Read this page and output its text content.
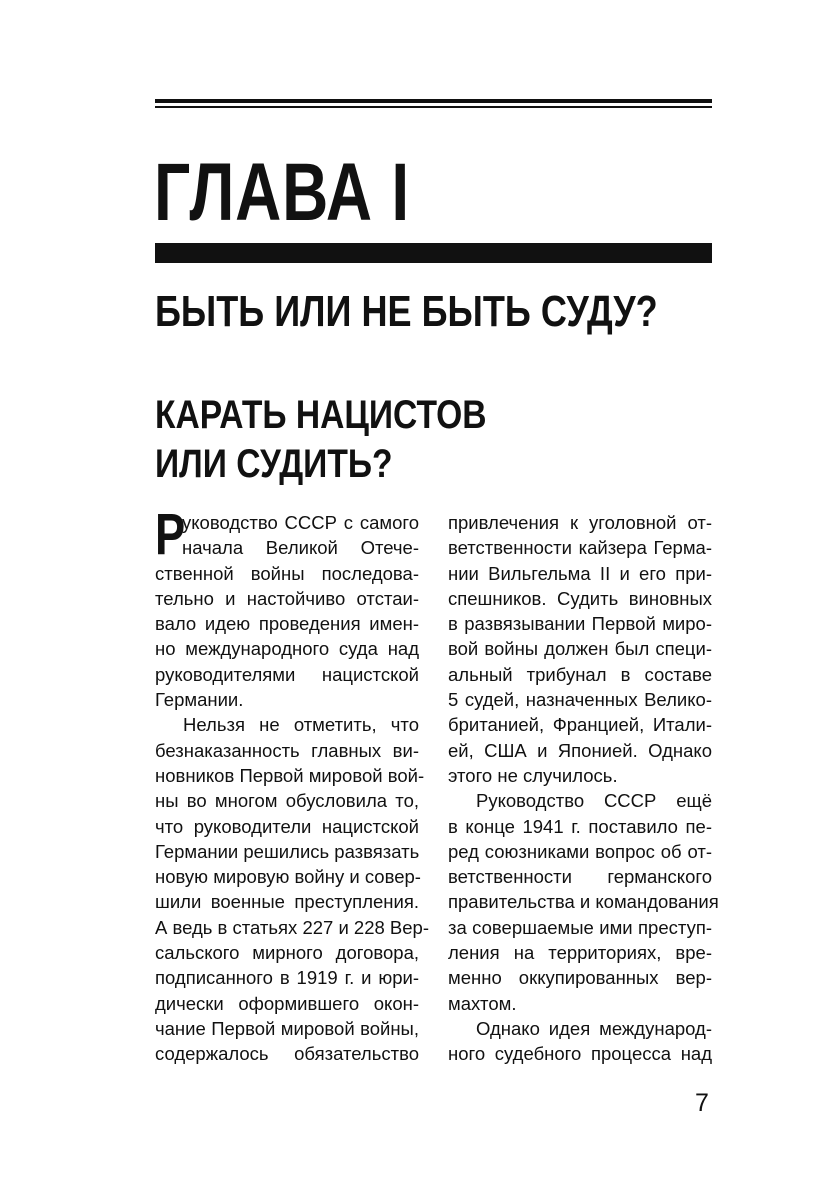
ГЛАВА I
БЫТЬ ИЛИ НЕ БЫТЬ СУДУ?
КАРАТЬ НАЦИСТОВ
ИЛИ СУДИТЬ?
Р
уководство СССР с самого
начала Великой Отече-
ственной войны последова-
тельно и настойчиво отстаи-
вало идею проведения имен-
но международного суда над
руководителями нацистской
Германии.
Нельзя не отметить, что
безнаказанность главных ви-
новников Первой мировой вой-
ны во многом обусловила то,
что руководители нацистской
Германии решились развязать
новую мировую войну и совер-
шили военные преступления.
А ведь в статьях 227 и 228 Вер-
сальского мирного договора,
подписанного в 1919 г. и юри-
дически оформившего окон-
чание Первой мировой войны,
содержалось обязательство
привлечения к уголовной от-
ветственности кайзера Герма-
нии Вильгельма II и его при-
спешников. Судить виновных
в развязывании Первой миро-
вой войны должен был специ-
альный трибунал в составе
5 судей, назначенных Велико-
британией, Францией, Итали-
ей, США и Японией. Однако
этого не случилось.
Руководство СССР ещё
в конце 1941 г. поставило пе-
ред союзниками вопрос об от-
ветственности германского
правительства и командования
за совершаемые ими преступ-
ления на территориях, вре-
менно оккупированных вер-
махтом.
Однако идея международ-
ного судебного процесса над
7
